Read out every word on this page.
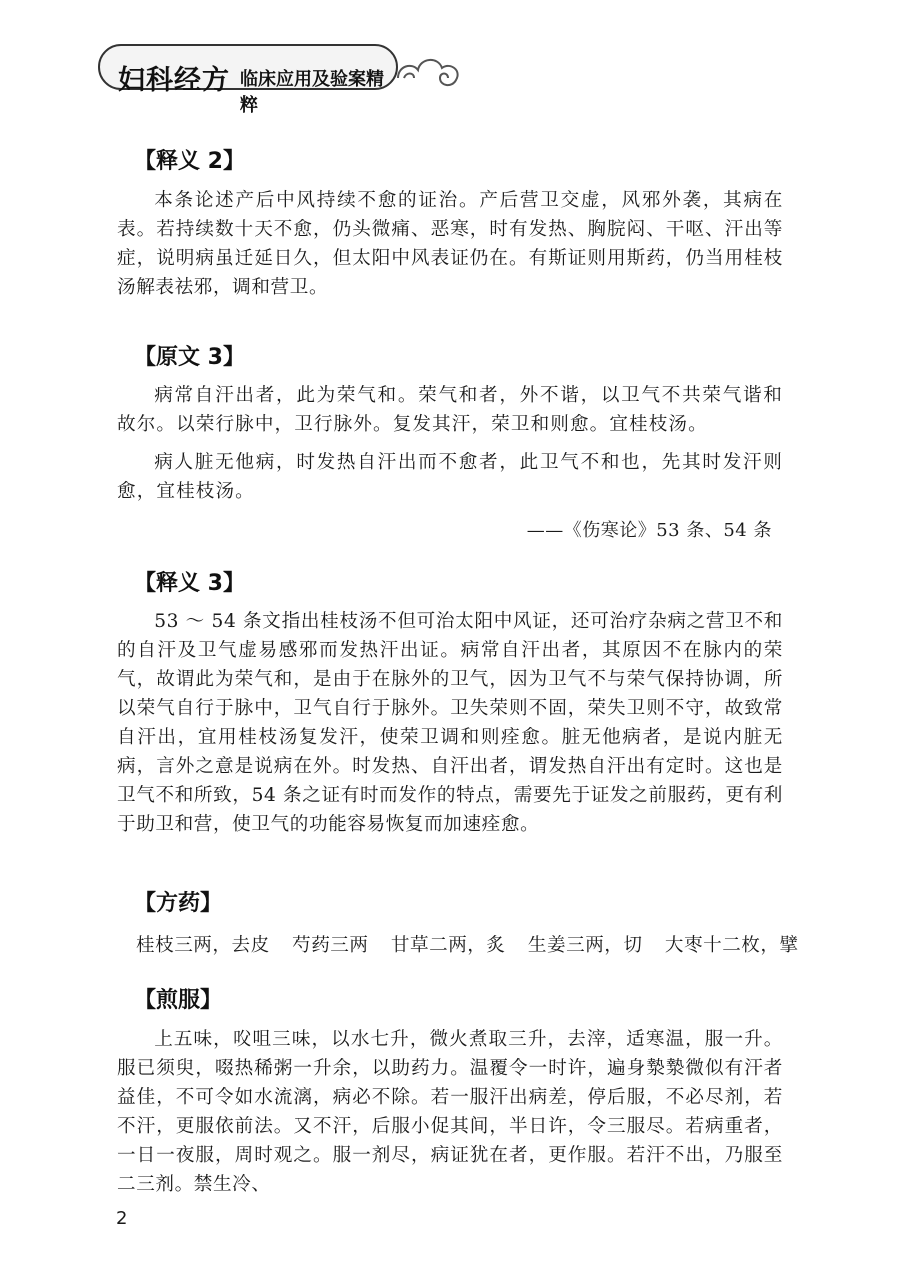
妇科经方 临床应用及验案精粹
【释义 2】

本条论述产后中风持续不愈的证治。产后营卫交虚，风邪外袭，其病在表。若持续数十天不愈，仍头微痛、恶寒，时有发热、胸脘闷、干呕、汗出等症，说明病虽迁延日久，但太阳中风表证仍在。有斯证则用斯药，仍当用桂枝汤解表祛邪，调和营卫。

【原文 3】

病常自汗出者，此为荣气和。荣气和者，外不谐，以卫气不共荣气谐和故尔。以荣行脉中，卫行脉外。复发其汗，荣卫和则愈。宜桂枝汤。

病人脏无他病，时发热自汗出而不愈者，此卫气不和也，先其时发汗则愈，宜桂枝汤。

——《伤寒论》53 条、54 条
【释义 3】

53 ～ 54 条文指出桂枝汤不但可治太阳中风证，还可治疗杂病之营卫不和的自汗及卫气虚易感邪而发热汗出证。病常自汗出者，其原因不在脉内的荣气，故谓此为荣气和，是由于在脉外的卫气，因为卫气不与荣气保持协调，所以荣气自行于脉中，卫气自行于脉外。卫失荣则不固，荣失卫则不守，故致常自汗出，宜用桂枝汤复发汗，使荣卫调和则痊愈。脏无他病者，是说内脏无病，言外之意是说病在外。时发热、自汗出者，谓发热自汗出有定时。这也是卫气不和所致，54 条之证有时而发作的特点，需要先于证发之前服药，更有利于助卫和营，使卫气的功能容易恢复而加速痊愈。

【方药】
桂枝三两，去皮 芍药三两 甘草二两，炙 生姜三两，切 大枣十二枚，擘
【煎服】

上五味，㕮咀三味，以水七升，微火煮取三升，去滓，适寒温，服一升。服已须臾，啜热稀粥一升余，以助药力。温覆令一时许，遍身漐漐微似有汗者益佳，不可令如水流漓，病必不除。若一服汗出病差，停后服，不必尽剂，若不汗，更服依前法。又不汗，后服小促其间，半日许，令三服尽。若病重者，一日一夜服，周时观之。服一剂尽，病证犹在者，更作服。若汗不出，乃服至二三剂。禁生冷、

2
